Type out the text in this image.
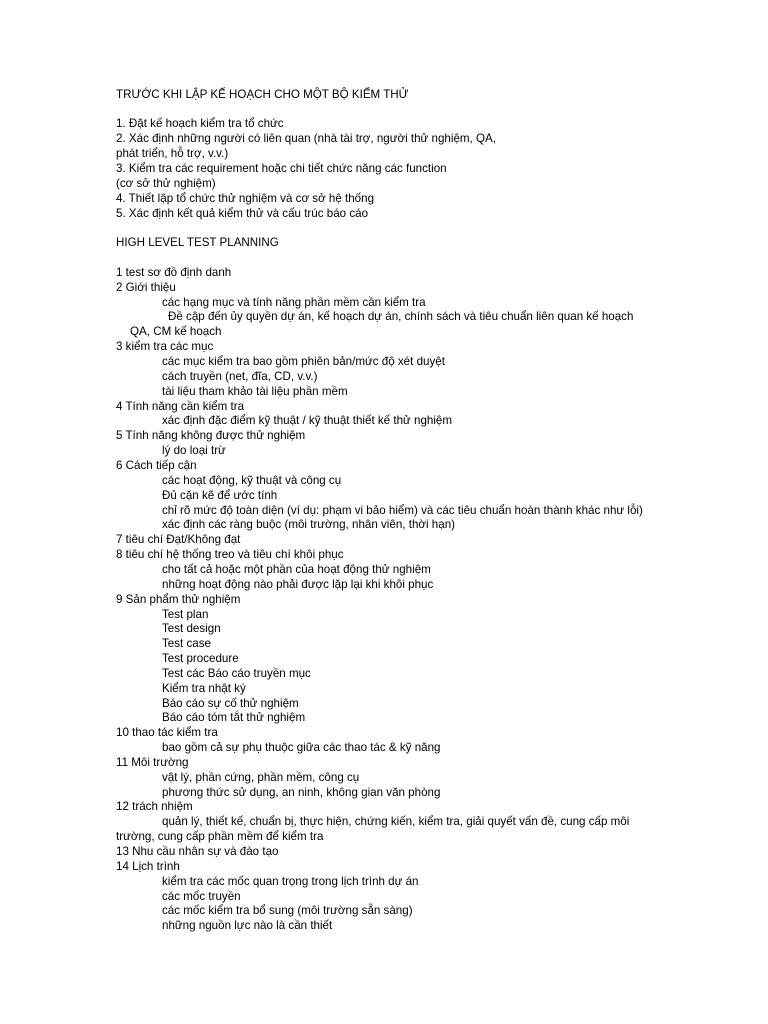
TRƯỚC KHI LẬP KẾ HOẠCH CHO MỘT BỘ KIỂM THỬ
1. Đặt kế hoạch kiểm tra tổ chức
2. Xác định những người có liên quan (nhà tài trợ, người thử nghiệm, QA,
phát triển, hỗ trợ, v.v.)
3. Kiểm tra các requirement hoặc chi tiết chức năng các function
(cơ sở thử nghiệm)
4. Thiết lập tổ chức thử nghiệm và cơ sở hệ thống
5. Xác định kết quả kiểm thử và cấu trúc báo cáo
HIGH LEVEL TEST PLANNING
1 test sơ đồ định danh
2 Giới thiệu
các hạng mục và tính năng phần mềm cần kiểm tra
Đề cập đến ủy quyền dự án, kế hoạch dự án, chính sách và tiêu chuẩn liên quan kế hoạch
QA, CM kế hoạch
3 kiểm tra các mục
các mục kiểm tra bao gồm phiên bản/mức độ xét duyệt
cách truyền (net, đĩa, CD, v.v.)
tài liệu tham khảo tài liệu phần mềm
4 Tính năng cần kiểm tra
xác định đặc điểm kỹ thuật / kỹ thuật thiết kế thử nghiệm
5 Tính năng không được thử nghiệm
lý do loại trừ
6 Cách tiếp cận
các hoạt động, kỹ thuật và công cụ
Đủ cặn kẽ để ước tính
chỉ rõ mức độ toàn diện (ví dụ: phạm vi bảo hiểm) và các tiêu chuẩn hoàn thành khác như lỗi)
xác định các ràng buộc (môi trường, nhân viên, thời hạn)
7 tiêu chí Đạt/Không đạt
8 tiêu chí hệ thống treo và tiêu chí khôi phục
cho tất cả hoặc một phần của hoạt động thử nghiệm
những hoạt động nào phải được lặp lại khi khôi phục
9 Sản phẩm thử nghiệm
Test plan
Test design
Test case
Test procedure
Test các Báo cáo truyền mục
Kiểm tra nhật ký
Báo cáo sự cố thử nghiệm
Báo cáo tóm tắt thử nghiệm
10 thao tác kiểm tra
bao gồm cả sự phụ thuộc giữa các thao tác & kỹ năng
11 Môi trường
vật lý, phần cứng, phần mềm, công cụ
phương thức sử dụng, an ninh, không gian văn phòng
12 trách nhiệm
quản lý, thiết kế, chuẩn bị, thực hiện, chứng kiến, kiểm tra, giải quyết vấn đề, cung cấp môi
trường, cung cấp phần mềm để kiểm tra
13 Nhu cầu nhân sự và đào tạo
14 Lịch trình
kiểm tra các mốc quan trọng trong lịch trình dự án
các mốc truyền
các mốc kiểm tra bổ sung (môi trường sẵn sàng)
những nguồn lực nào là cần thiết
